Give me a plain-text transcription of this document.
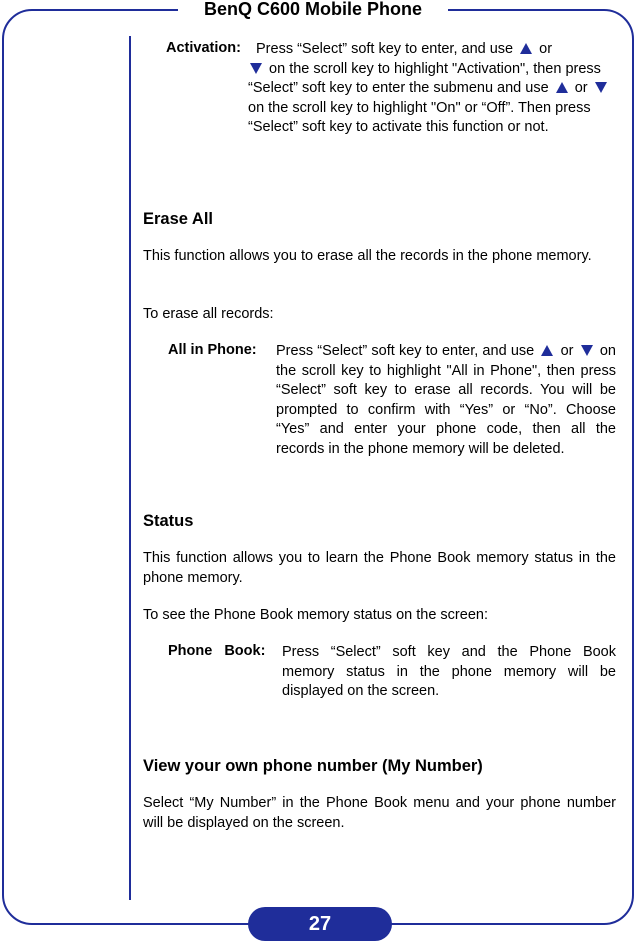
BenQ C600 Mobile Phone
Activation: Press “Select” soft key to enter, and use or
on the scroll key to highlight "Activation", then press “Select” soft key to enter the submenu and use or  on the scroll key to highlight "On" or “Off”. Then press “Select” soft key to activate this function or not.
Erase All
This function allows you to erase all the records in the phone memory.
To erase all records:
All in Phone: Press “Select” soft key to enter, and use or on the scroll key to highlight "All in Phone", then press “Select” soft key to erase all records. You will be prompted to confirm with “Yes” or “No”. Choose “Yes” and enter your phone code, then all the records in the phone memory will be deleted.
Status
This function allows you to learn the Phone Book memory status in the phone memory.
To see the Phone Book memory status on the screen:
Phone Book: Press “Select” soft key and the Phone Book memory status in the phone memory will be displayed on the screen.
View your own phone number (My Number)
Select “My Number” in the Phone Book menu and your phone number will be displayed on the screen.
27
